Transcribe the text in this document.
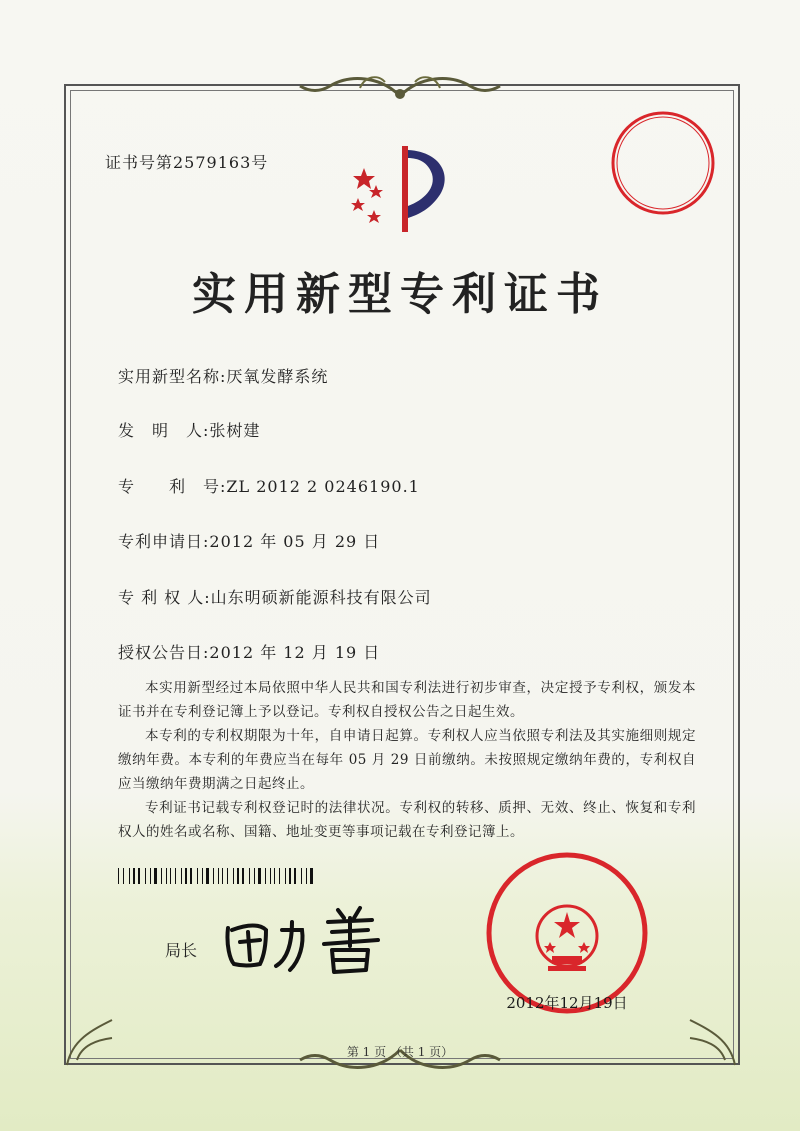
证书号第2579163号
实用新型专利证书
实用新型名称:厌氧发酵系统
发　明　人:张树建
专　　利　号:ZL 2012 2 0246190.1
专利申请日:2012 年 05 月 29 日
专 利 权 人:山东明硕新能源科技有限公司
授权公告日:2012 年 12 月 19 日

本实用新型经过本局依照中华人民共和国专利法进行初步审查，决定授予专利权，颁发本证书并在专利登记簿上予以登记。专利权自授权公告之日起生效。

本专利的专利权期限为十年，自申请日起算。专利权人应当依照专利法及其实施细则规定缴纳年费。本专利的年费应当在每年 05 月 29 日前缴纳。未按照规定缴纳年费的，专利权自应当缴纳年费期满之日起终止。

专利证书记载专利权登记时的法律状况。专利权的转移、质押、无效、终止、恢复和专利权人的姓名或名称、国籍、地址变更等事项记载在专利登记簿上。

局长
2012年12月19日
第 1 页 （共 1 页）
